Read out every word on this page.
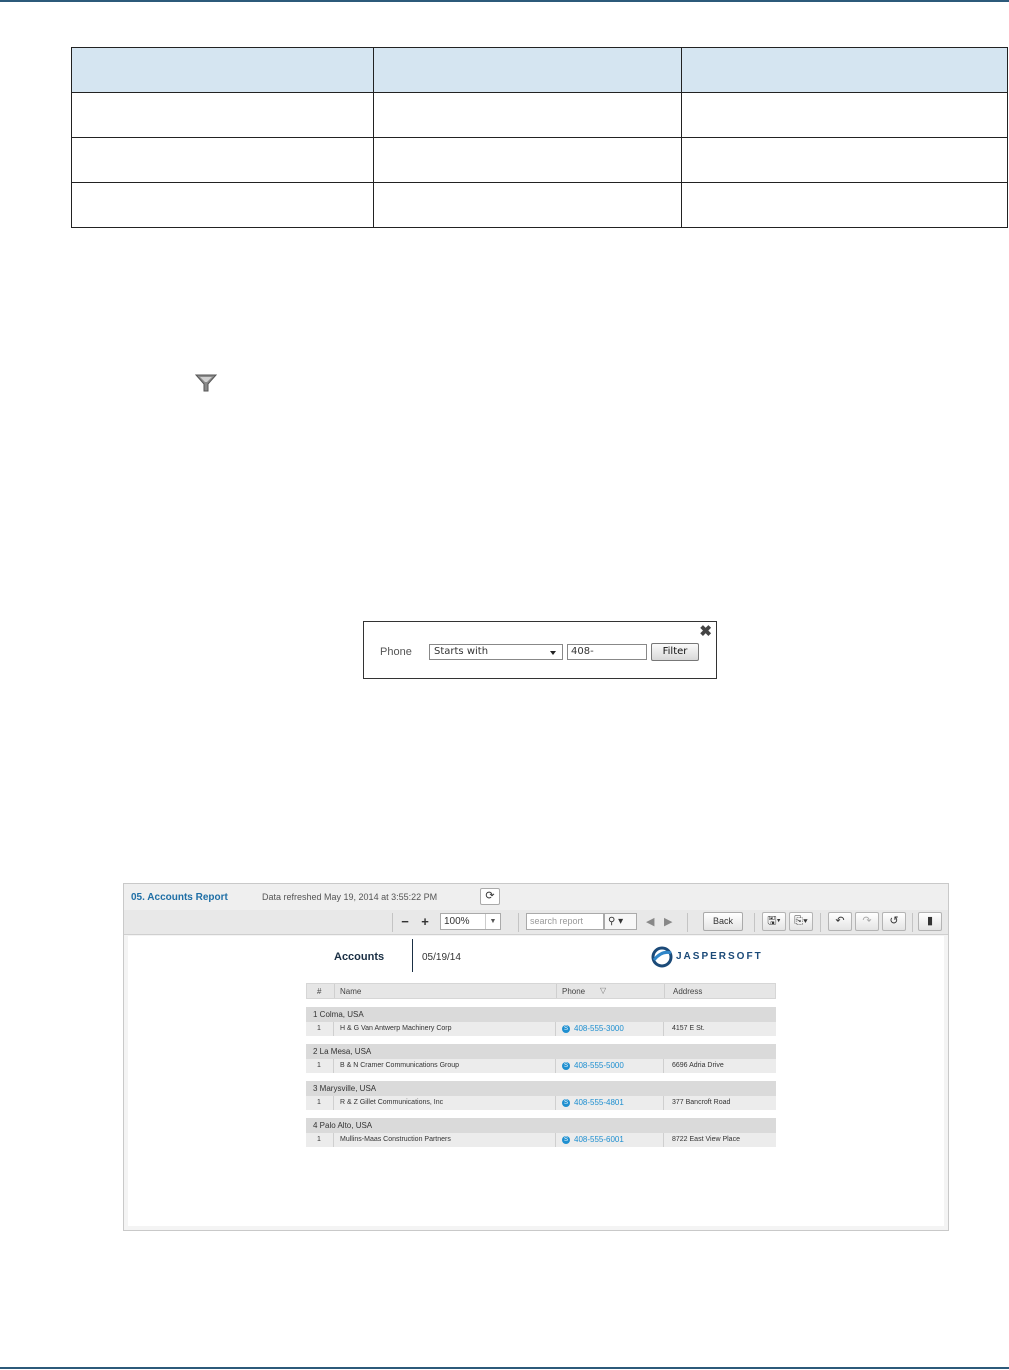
Phone	Starts with	408-	Filter
✖
05. Accounts Report	Data refreshed May 19, 2014 at 3:55:22 PM	⟳
− +	100%	▼	search report	⚲ ▾	◀ ▶	Back	🖫▾	⎘▾	↶	↷	↺	▮
Accounts	05/19/14	JASPERSOFT
# Name	Phone ▽	Address
1 Colma, USA
1	H & G Van Antwerp Machinery Corp	S 408-555-3000	4157 E St.
2 La Mesa, USA
1	B & N Cramer Communications Group	S 408-555-5000	6696 Adria Drive
3 Marysville, USA
1	R & Z Gillet Communications, Inc	S 408-555-4801	377 Bancroft Road
4 Palo Alto, USA
1	Mullins-Maas Construction Partners	S 408-555-6001	8722 East View Place
